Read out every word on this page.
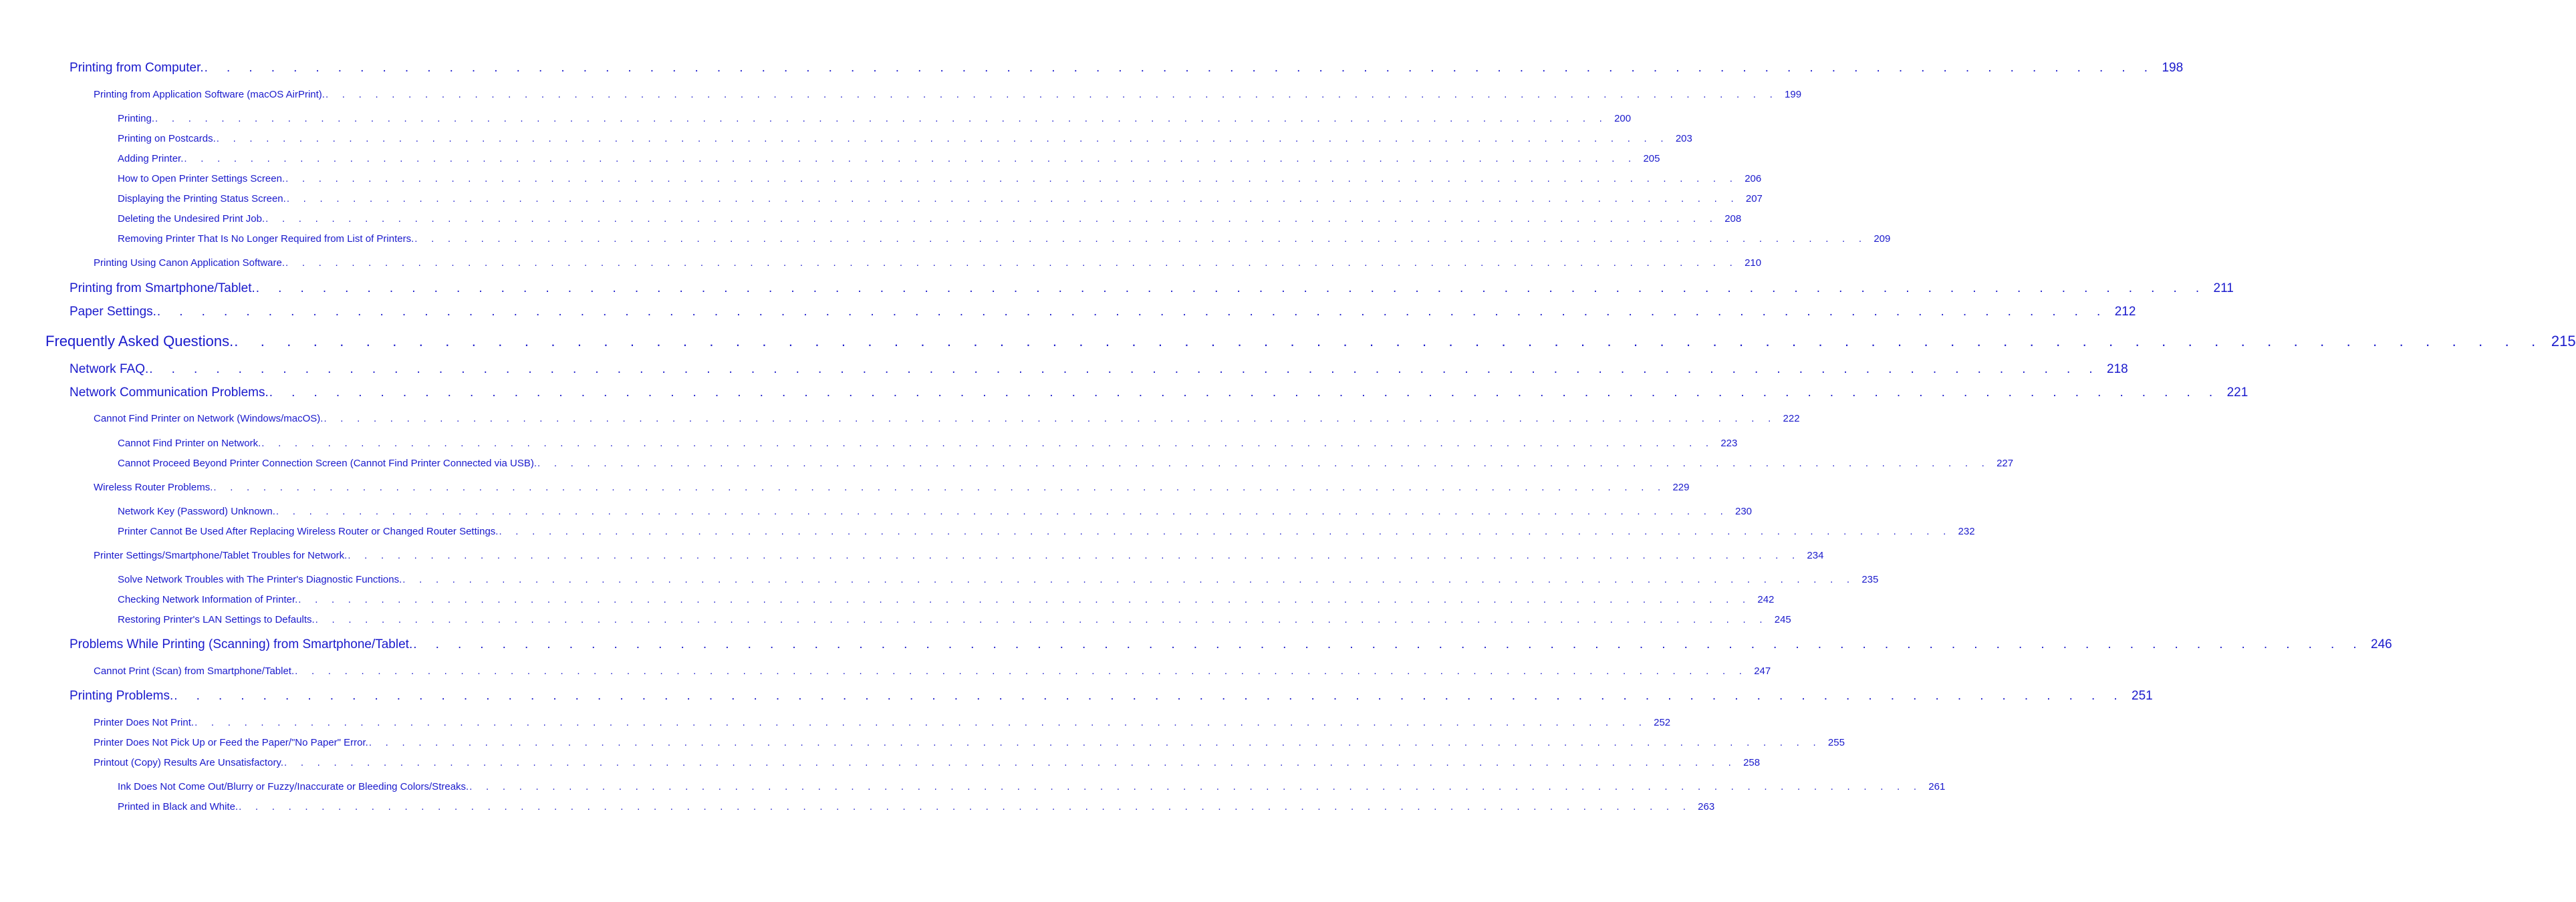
Printing from Computer. . . . . . . . . . . . . . . . . . . . . . . . . . . . . . . . . . . . . . . . . . . . . . . . . . . . . . . . . . . . . . . . . . . . . . . . . . . . . . . . . . . . . . . . . 198
Printing from Application Software (macOS AirPrint). . . . . . . . . . . . . . . . . . . . . . . . . . . . . . . . . . . . . . . . . . . . . . . . . . . . . . . . . . . . . . . . . . . . . . . . . . . . . . . . . . . . . . . . . 199
Printing. . . . . . . . . . . . . . . . . . . . . . . . . . . . . . . . . . . . . . . . . . . . . . . . . . . . . . . . . . . . . . . . . . . . . . . . . . . . . . . . . . . . . . . . . 200
Printing on Postcards. . . . . . . . . . . . . . . . . . . . . . . . . . . . . . . . . . . . . . . . . . . . . . . . . . . . . . . . . . . . . . . . . . . . . . . . . . . . . . . . . . . . . . . . . 203
Adding Printer. . . . . . . . . . . . . . . . . . . . . . . . . . . . . . . . . . . . . . . . . . . . . . . . . . . . . . . . . . . . . . . . . . . . . . . . . . . . . . . . . . . . . . . . . 205
How to Open Printer Settings Screen. . . . . . . . . . . . . . . . . . . . . . . . . . . . . . . . . . . . . . . . . . . . . . . . . . . . . . . . . . . . . . . . . . . . . . . . . . . . . . . . . . . . . . . . . 206
Displaying the Printing Status Screen. . . . . . . . . . . . . . . . . . . . . . . . . . . . . . . . . . . . . . . . . . . . . . . . . . . . . . . . . . . . . . . . . . . . . . . . . . . . . . . . . . . . . . . . . 207
Deleting the Undesired Print Job. . . . . . . . . . . . . . . . . . . . . . . . . . . . . . . . . . . . . . . . . . . . . . . . . . . . . . . . . . . . . . . . . . . . . . . . . . . . . . . . . . . . . . . . . 208
Removing Printer That Is No Longer Required from List of Printers. . . . . . . . . . . . . . . . . . . . . . . . . . . . . . . . . . . . . . . . . . . . . . . . . . . . . . . . . . . . . . . . . . . . . . . . . . . . . . . . . . . . . . . . . 209
Printing Using Canon Application Software. . . . . . . . . . . . . . . . . . . . . . . . . . . . . . . . . . . . . . . . . . . . . . . . . . . . . . . . . . . . . . . . . . . . . . . . . . . . . . . . . . . . . . . . . 210
Printing from Smartphone/Tablet. . . . . . . . . . . . . . . . . . . . . . . . . . . . . . . . . . . . . . . . . . . . . . . . . . . . . . . . . . . . . . . . . . . . . . . . . . . . . . . . . . . . . . . . . 211
Paper Settings. . . . . . . . . . . . . . . . . . . . . . . . . . . . . . . . . . . . . . . . . . . . . . . . . . . . . . . . . . . . . . . . . . . . . . . . . . . . . . . . . . . . . . . . . 212
Frequently Asked Questions. . . . . . . . . . . . . . . . . . . . . . . . . . . . . . . . . . . . . . . . . . . . . . . . . . . . . . . . . . . . . . . . . . . . . . . . . . . . . . . . . . . . . . . . . 215
Network FAQ. . . . . . . . . . . . . . . . . . . . . . . . . . . . . . . . . . . . . . . . . . . . . . . . . . . . . . . . . . . . . . . . . . . . . . . . . . . . . . . . . . . . . . . . . 218
Network Communication Problems. . . . . . . . . . . . . . . . . . . . . . . . . . . . . . . . . . . . . . . . . . . . . . . . . . . . . . . . . . . . . . . . . . . . . . . . . . . . . . . . . . . . . . . . . 221
Cannot Find Printer on Network (Windows/macOS). . . . . . . . . . . . . . . . . . . . . . . . . . . . . . . . . . . . . . . . . . . . . . . . . . . . . . . . . . . . . . . . . . . . . . . . . . . . . . . . . . . . . . . . . 222
Cannot Find Printer on Network. . . . . . . . . . . . . . . . . . . . . . . . . . . . . . . . . . . . . . . . . . . . . . . . . . . . . . . . . . . . . . . . . . . . . . . . . . . . . . . . . . . . . . . . . 223
Cannot Proceed Beyond Printer Connection Screen (Cannot Find Printer Connected via USB). . . . . . . . . . . . . . . . . . . . . . . . . . . . . . . . . . . . . . . . . . . . . . . . . . . . . . . . . . . . . . . . . . . . . . . . . . . . . . . . . . . . . . . . . 227
Wireless Router Problems. . . . . . . . . . . . . . . . . . . . . . . . . . . . . . . . . . . . . . . . . . . . . . . . . . . . . . . . . . . . . . . . . . . . . . . . . . . . . . . . . . . . . . . . . 229
Network Key (Password) Unknown. . . . . . . . . . . . . . . . . . . . . . . . . . . . . . . . . . . . . . . . . . . . . . . . . . . . . . . . . . . . . . . . . . . . . . . . . . . . . . . . . . . . . . . . . 230
Printer Cannot Be Used After Replacing Wireless Router or Changed Router Settings. . . . . . . . . . . . . . . . . . . . . . . . . . . . . . . . . . . . . . . . . . . . . . . . . . . . . . . . . . . . . . . . . . . . . . . . . . . . . . . . . . . . . . . . . 232
Printer Settings/Smartphone/Tablet Troubles for Network. . . . . . . . . . . . . . . . . . . . . . . . . . . . . . . . . . . . . . . . . . . . . . . . . . . . . . . . . . . . . . . . . . . . . . . . . . . . . . . . . . . . . . . . . 234
Solve Network Troubles with The Printer's Diagnostic Functions. . . . . . . . . . . . . . . . . . . . . . . . . . . . . . . . . . . . . . . . . . . . . . . . . . . . . . . . . . . . . . . . . . . . . . . . . . . . . . . . . . . . . . . . . 235
Checking Network Information of Printer. . . . . . . . . . . . . . . . . . . . . . . . . . . . . . . . . . . . . . . . . . . . . . . . . . . . . . . . . . . . . . . . . . . . . . . . . . . . . . . . . . . . . . . . . 242
Restoring Printer's LAN Settings to Defaults. . . . . . . . . . . . . . . . . . . . . . . . . . . . . . . . . . . . . . . . . . . . . . . . . . . . . . . . . . . . . . . . . . . . . . . . . . . . . . . . . . . . . . . . . 245
Problems While Printing (Scanning) from Smartphone/Tablet. . . . . . . . . . . . . . . . . . . . . . . . . . . . . . . . . . . . . . . . . . . . . . . . . . . . . . . . . . . . . . . . . . . . . . . . . . . . . . . . . . . . . . . . . 246
Cannot Print (Scan) from Smartphone/Tablet. . . . . . . . . . . . . . . . . . . . . . . . . . . . . . . . . . . . . . . . . . . . . . . . . . . . . . . . . . . . . . . . . . . . . . . . . . . . . . . . . . . . . . . . . 247
Printing Problems. . . . . . . . . . . . . . . . . . . . . . . . . . . . . . . . . . . . . . . . . . . . . . . . . . . . . . . . . . . . . . . . . . . . . . . . . . . . . . . . . . . . . . . . . 251
Printer Does Not Print. . . . . . . . . . . . . . . . . . . . . . . . . . . . . . . . . . . . . . . . . . . . . . . . . . . . . . . . . . . . . . . . . . . . . . . . . . . . . . . . . . . . . . . . . 252
Printer Does Not Pick Up or Feed the Paper/"No Paper" Error. . . . . . . . . . . . . . . . . . . . . . . . . . . . . . . . . . . . . . . . . . . . . . . . . . . . . . . . . . . . . . . . . . . . . . . . . . . . . . . . . . . . . . . . . 255
Printout (Copy) Results Are Unsatisfactory. . . . . . . . . . . . . . . . . . . . . . . . . . . . . . . . . . . . . . . . . . . . . . . . . . . . . . . . . . . . . . . . . . . . . . . . . . . . . . . . . . . . . . . . . 258
Ink Does Not Come Out/Blurry or Fuzzy/Inaccurate or Bleeding Colors/Streaks. . . . . . . . . . . . . . . . . . . . . . . . . . . . . . . . . . . . . . . . . . . . . . . . . . . . . . . . . . . . . . . . . . . . . . . . . . . . . . . . . . . . . . . . . 261
Printed in Black and White. . . . . . . . . . . . . . . . . . . . . . . . . . . . . . . . . . . . . . . . . . . . . . . . . . . . . . . . . . . . . . . . . . . . . . . . . . . . . . . . . . . . . . . . . 263
